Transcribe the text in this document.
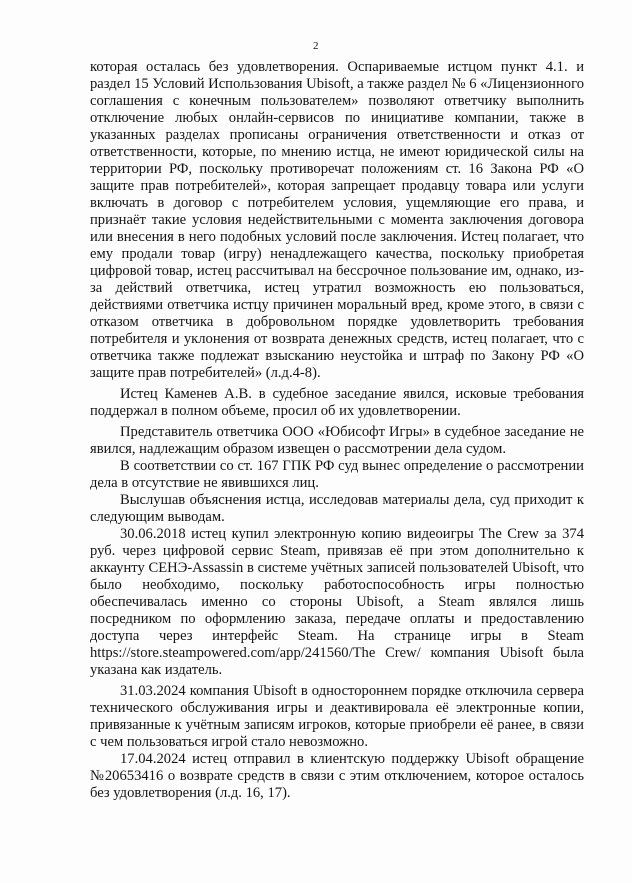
2

которая осталась без удовлетворения. Оспариваемые истцом пункт 4.1. и раздел 15 Условий Использования Ubisoft, а также раздел № 6 «Лицензионного соглашения с конечным пользователем» позволяют ответчику выполнить отключение любых онлайн-сервисов по инициативе компании, также в указанных разделах прописаны ограничения ответственности и отказ от ответственности, которые, по мнению истца, не имеют юридической силы на территории РФ, поскольку противоречат положениям ст. 16 Закона РФ «О защите прав потребителей», которая запрещает продавцу товара или услуги включать в договор с потребителем условия, ущемляющие его права, и признаёт такие условия недействительными с момента заключения договора или внесения в него подобных условий после заключения. Истец полагает, что ему продали товар (игру) ненадлежащего качества, поскольку приобретая цифровой товар, истец рассчитывал на бессрочное пользование им, однако, из-за действий ответчика, истец утратил возможность ею пользоваться, действиями ответчика истцу причинен моральный вред, кроме этого, в связи с отказом ответчика в добровольном порядке удовлетворить требования потребителя и уклонения от возврата денежных средств, истец полагает, что с ответчика также подлежат взысканию неустойка и штраф по Закону РФ «О защите прав потребителей» (л.д.4-8).

Истец Каменев А.В. в судебное заседание явился, исковые требования поддержал в полном объеме, просил об их удовлетворении.

Представитель ответчика ООО «Юбисофт Игры» в судебное заседание не явился, надлежащим образом извещен о рассмотрении дела судом.

В соответствии со ст. 167 ГПК РФ суд вынес определение о рассмотрении дела в отсутствие не явившихся лиц.

Выслушав объяснения истца, исследовав материалы дела, суд приходит к следующим выводам.

30.06.2018 истец купил электронную копию видеоигры The Crew за 374 руб. через цифровой сервис Steam, привязав её при этом дополнительно к аккаунту СЕНЭ-Assassin в системе учётных записей пользователей Ubisoft, что было необходимо, поскольку работоспособность игры полностью обеспечивалась именно со стороны Ubisoft, а Steam являлся лишь посредником по оформлению заказа, передаче оплаты и предоставлению доступа через интерфейс Steam. На странице игры в Steam https://store.steampowered.com/app/241560/The Crew/ компания Ubisoft была указана как издатель.

31.03.2024 компания Ubisoft в одностороннем порядке отключила сервера технического обслуживания игры и деактивировала её электронные копии, привязанные к учётным записям игроков, которые приобрели её ранее, в связи с чем пользоваться игрой стало невозможно.

17.04.2024 истец отправил в клиентскую поддержку Ubisoft обращение №20653416 о возврате средств в связи с этим отключением, которое осталось без удовлетворения (л.д. 16, 17).
